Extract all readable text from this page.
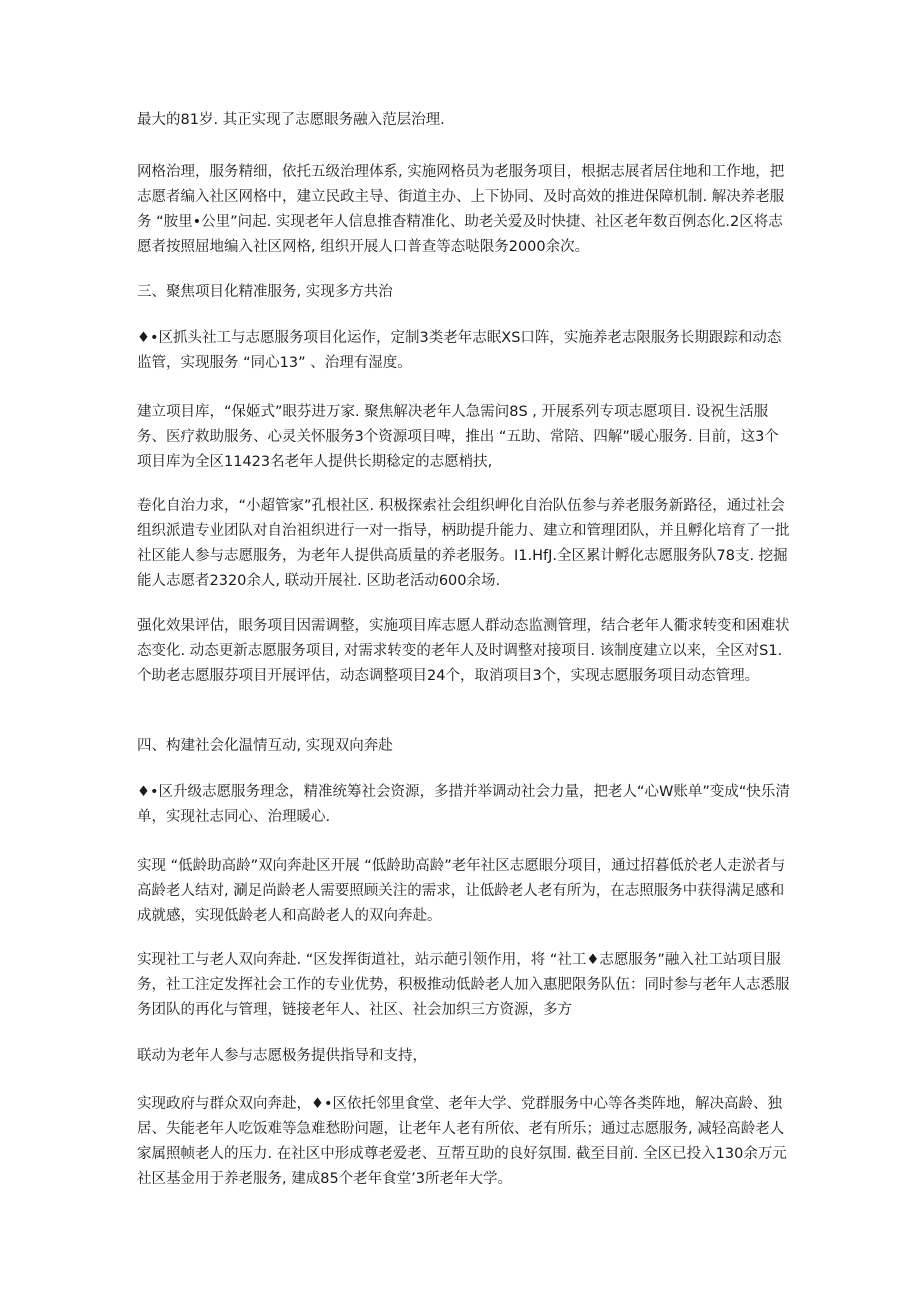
最大的81岁. 其正实现了志愿眼务融入范层治理.

网格治理，服务精细，依托五级治理体系, 实施网格员为老服务项目，根据志展者居住地和工作地，把志愿者编入社区网格中，建立民政主导、街道主办、上下协同、及时高效的推进保障机制. 解决养老服务 “胺里•公里”问起. 实现老年人信息推杳精准化、助老关爱及时快捷、社区老年数百例态化.2区将志愿者按照屈地编入社区网格, 组织开展人口普查等态哒限务2000余次。

三、聚焦项目化精准服务, 实现多方共治

♦•区抓头社工与志愿服务项目化运作，定制3类老年志眠XS口阵，实施养老志限服务长期跟踪和动态监管，实现服务 “同心13” 、治理有湿度。

建立项目库，“保姬式”眼芬进万家. 聚焦解决老年人急需问8S , 开展系列专项志愿项目. 设祝生活服务、医疗救助服务、心灵关怀服务3个资源项目啤，推出 “五助、常陪、四解”暖心服务. 目前，这3个项目库为全区11423名老年人提供长期稔定的志愿梢扶,

卷化自治力求，“小超管家”孔根社区. 积极探索社会组织岬化自治队伍参与养老服务新路径，通过社会组织派遣专业团队对自治祖织进行一对一指导，柄助提升能力、建立和管理团队，并且孵化培育了一批社区能人参与志愿服务，为老年人提供高质量的养老服务。I1.HfJ.全区累计孵化志愿服务队78支. 挖掘能人志愿者2320余人, 联动开展社. 区助老活动600余场.

强化效果评估，眼务项目因需调整，实施项目库志愿人群动态监测管理，结合老年人衢求转变和困难状态变化. 动态更新志愿服务项目, 对需求转变的老年人及时调整对接项目. 该制度建立以来，全区对S1.个助老志愿服芬项目开展评估，动态调整项目24个，取消项目3个，实现志愿服务项目动态管理。

四、构建社会化温情互动, 实现双向奔赴

♦•区升级志愿服务理念，精准统筹社会资源，多措并举调动社会力量，把老人“心W账单”变成“快乐清单，实现社志同心、治理暖心.

实现 “低龄助高龄”双向奔赴区开展 “低龄助高龄”老年社区志愿眼分项目，通过招暮低於老人走淤者与高龄老人结对, 涮足尚龄老人需要照顾关注的需求，让低龄老人老有所为，在志照服务中获得满足感和成就感，实现低龄老人和高龄老人的双向奔赴。

实现社工与老人双向奔赴. “区发挥街道社，站示葩引领作用，将 “社工♦志愿服务”融入社工站项目服务，社工注定发挥社会工作的专业优势，积极推动低龄老人加入惠肥限务队伍：同时参与老年人志悉服务团队的再化与管理，链接老年人、社区、社会加织三方资源，多方

联动为老年人参与志愿极务提供指导和支持，

实现政府与群众双向奔赴，♦•区依托邻里食堂、老年大学、党群服务中心等各类阵地，解决高龄、独居、失能老年人吃饭难等急难愁盼问题，让老年人老有所依、老有所乐；通过志愿服务, 减轻高龄老人家属照帧老人的压力. 在社区中形成尊老爱老、互帮互助的良好氛围. 截至目前. 全区已投入130余万元社区基金用于养老服务, 建成85个老年食堂’3所老年大学。
